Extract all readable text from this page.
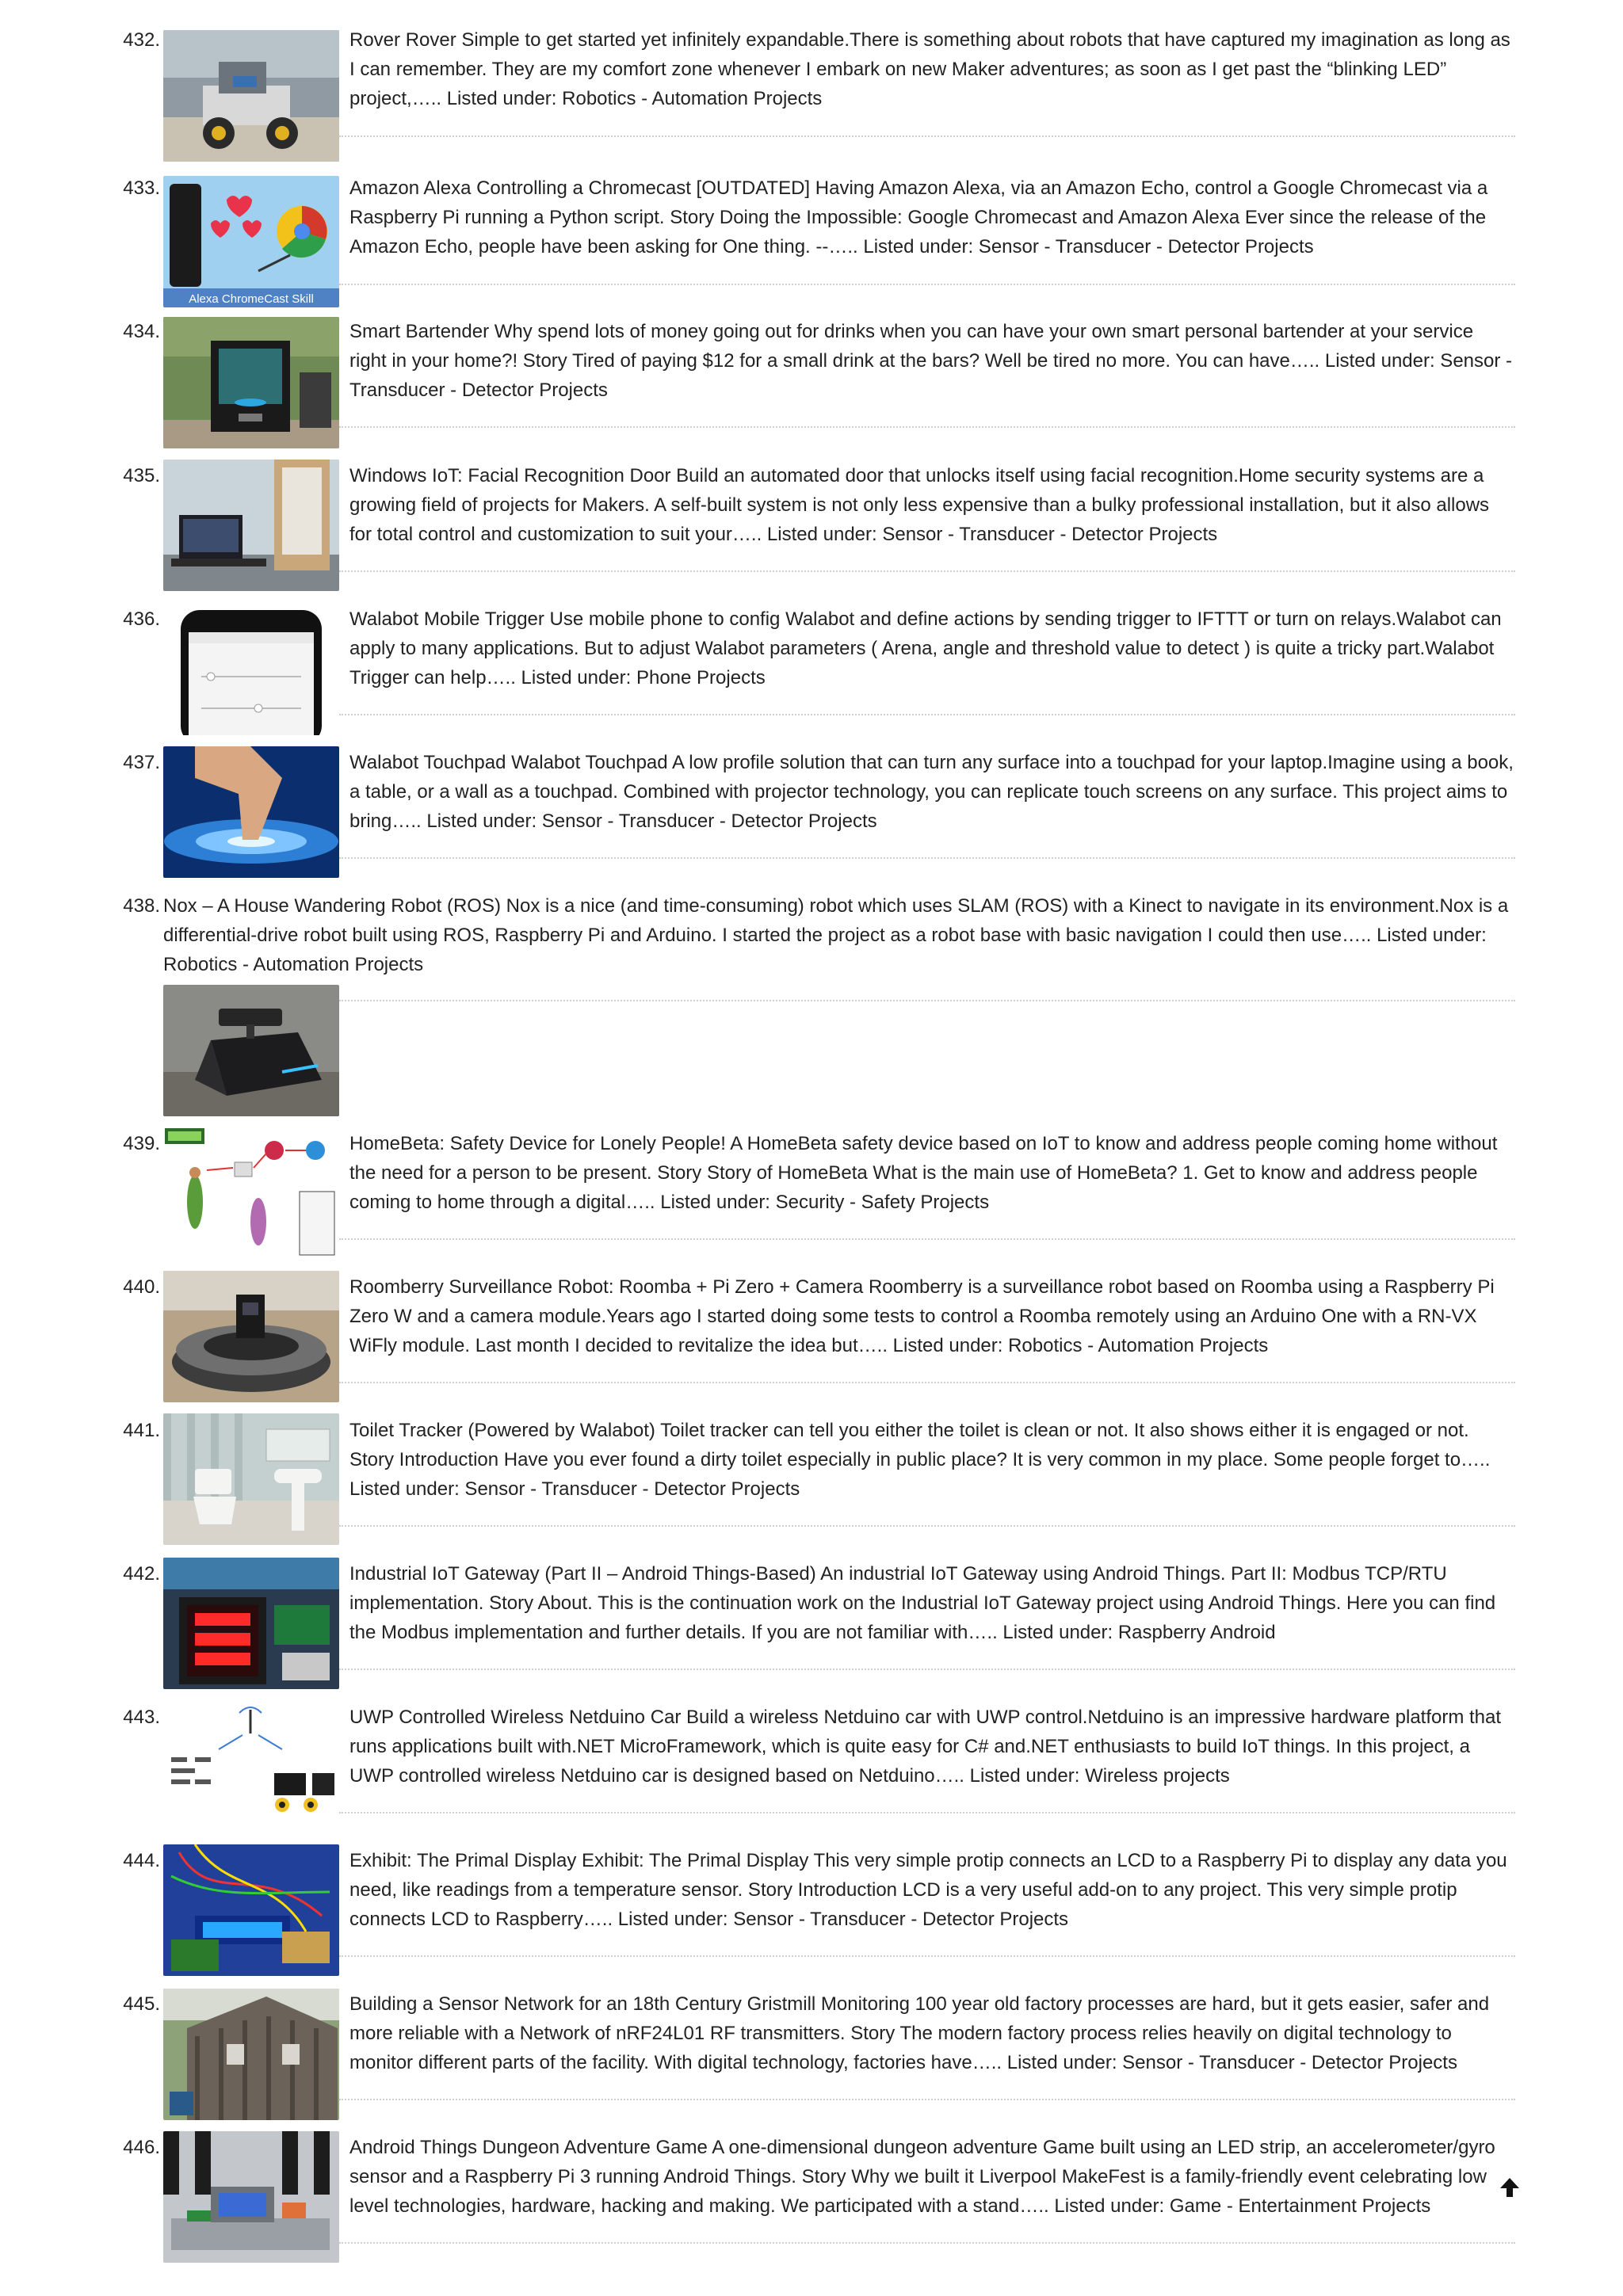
432.	Rover Rover Simple to get started yet infinitely expandable.There is something about robots that have captured my imagination as long as I can remember. They are my comfort zone whenever I embark on new Maker adventures; as soon as I get past the “blinking LED” project,….. Listed under: Robotics - Automation Projects
433.
Alexa ChromeCast Skill
Amazon Alexa Controlling a Chromecast [OUTDATED] Having Amazon Alexa, via an Amazon Echo, control a Google Chromecast via a Raspberry Pi running a Python script. Story Doing the Impossible: Google Chromecast and Amazon Alexa Ever since the release of the Amazon Echo, people have been asking for One thing. --….. Listed under: Sensor - Transducer - Detector Projects
434.	Smart Bartender Why spend lots of money going out for drinks when you can have your own smart personal bartender at your service right in your home?! Story Tired of paying $12 for a small drink at the bars? Well be tired no more. You can have….. Listed under: Sensor - Transducer - Detector Projects
435.	Windows IoT: Facial Recognition Door Build an automated door that unlocks itself using facial recognition.Home security systems are a growing field of projects for Makers. A self-built system is not only less expensive than a bulky professional installation, but it also allows for total control and customization to suit your….. Listed under: Sensor - Transducer - Detector Projects
436.	Walabot Mobile Trigger Use mobile phone to config Walabot and define actions by sending trigger to IFTTT or turn on relays.Walabot can apply to many applications. But to adjust Walabot parameters ( Arena, angle and threshold value to detect ) is quite a tricky part.Walabot Trigger can help….. Listed under: Phone Projects
437.	Walabot Touchpad Walabot Touchpad A low profile solution that can turn any surface into a touchpad for your laptop.Imagine using a book, a table, or a wall as a touchpad. Combined with projector technology, you can replicate touch screens on any surface. This project aims to bring….. Listed under: Sensor - Transducer - Detector Projects
438. Nox – A House Wandering Robot (ROS) Nox is a nice (and time-consuming) robot which uses SLAM (ROS) with a Kinect to navigate in its environment.Nox is a differential-drive robot built using ROS, Raspberry Pi and Arduino. I started the project as a robot base with basic navigation I could then use….. Listed under: Robotics - Automation Projects
439.	HomeBeta: Safety Device for Lonely People! A HomeBeta safety device based on IoT to know and address people coming home without the need for a person to be present. Story Story of HomeBeta What is the main use of HomeBeta? 1. Get to know and address people coming to home through a digital….. Listed under: Security - Safety Projects
440.	Roomberry Surveillance Robot: Roomba + Pi Zero + Camera Roomberry is a surveillance robot based on Roomba using a Raspberry Pi Zero W and a camera module.Years ago I started doing some tests to control a Roomba remotely using an Arduino One with a RN-VX WiFly module. Last month I decided to revitalize the idea but….. Listed under: Robotics - Automation Projects
441.	Toilet Tracker (Powered by Walabot) Toilet tracker can tell you either the toilet is clean or not. It also shows either it is engaged or not. Story Introduction Have you ever found a dirty toilet especially in public place? It is very common in my place. Some people forget to….. Listed under: Sensor - Transducer - Detector Projects
442.	Industrial IoT Gateway (Part II – Android Things-Based) An industrial IoT Gateway using Android Things. Part II: Modbus TCP/RTU implementation. Story About. This is the continuation work on the Industrial IoT Gateway project using Android Things. Here you can find the Modbus implementation and further details. If you are not familiar with….. Listed under: Raspberry Android
443.	UWP Controlled Wireless Netduino Car Build a wireless Netduino car with UWP control.Netduino is an impressive hardware platform that runs applications built with.NET MicroFramework, which is quite easy for C# and.NET enthusiasts to build IoT things. In this project, a UWP controlled wireless Netduino car is designed based on Netduino….. Listed under: Wireless projects
444.	Exhibit: The Primal Display Exhibit: The Primal Display This very simple protip connects an LCD to a Raspberry Pi to display any data you need, like readings from a temperature sensor. Story Introduction LCD is a very useful add-on to any project. This very simple protip connects LCD to Raspberry….. Listed under: Sensor - Transducer - Detector Projects
445.	Building a Sensor Network for an 18th Century Gristmill Monitoring 100 year old factory processes are hard, but it gets easier, safer and more reliable with a Network of nRF24L01 RF transmitters. Story The modern factory process relies heavily on digital technology to monitor different parts of the facility. With digital technology, factories have….. Listed under: Sensor - Transducer - Detector Projects
446.	Android Things Dungeon Adventure Game A one-dimensional dungeon adventure Game built using an LED strip, an accelerometer/gyro sensor and a Raspberry Pi 3 running Android Things. Story Why we built it Liverpool MakeFest is a family-friendly event celebrating low level technologies, hardware, hacking and making. We participated with a stand….. Listed under: Game - Entertainment Projects
